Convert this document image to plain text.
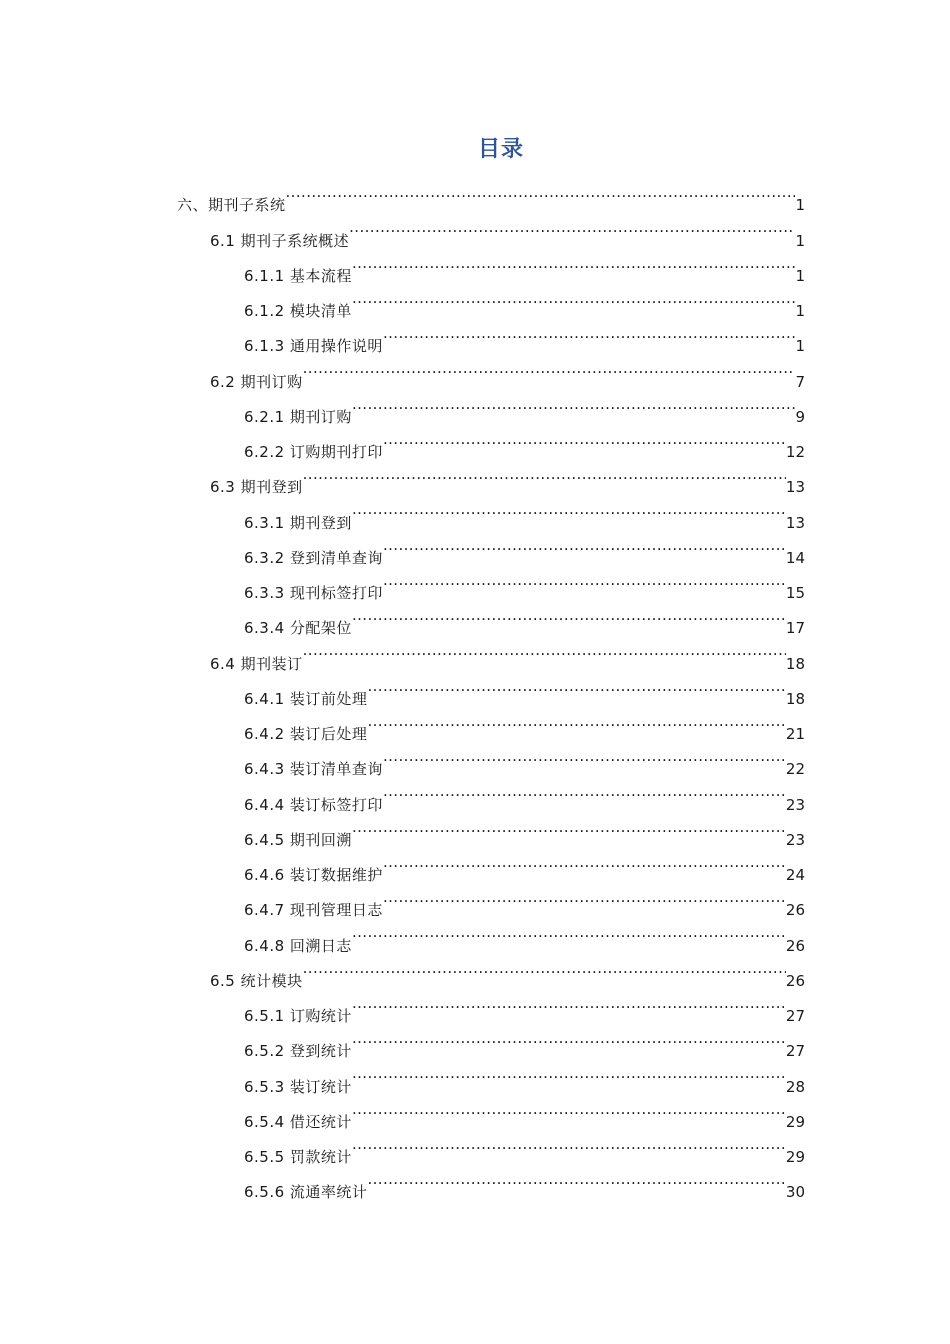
目录
六、期刊子系统 .....	1
6.1 期刊子系统概述 .....	1
6.1.1 基本流程 .....	1
6.1.2 模块清单 .....	1
6.1.3 通用操作说明 .....	1
6.2 期刊订购 .....	7
6.2.1 期刊订购 .....	9
6.2.2 订购期刊打印 .....	12
6.3 期刊登到 .....	13
6.3.1 期刊登到 .....	13
6.3.2 登到清单查询 .....	14
6.3.3 现刊标签打印 .....	15
6.3.4 分配架位 .....	17
6.4 期刊装订 .....	18
6.4.1 装订前处理 .....	18
6.4.2 装订后处理 .....	21
6.4.3 装订清单查询 .....	22
6.4.4 装订标签打印 .....	23
6.4.5 期刊回溯 .....	23
6.4.6 装订数据维护 .....	24
6.4.7 现刊管理日志 .....	26
6.4.8 回溯日志 .....	26
6.5 统计模块 .....	26
6.5.1 订购统计 .....	27
6.5.2 登到统计 .....	27
6.5.3 装订统计 .....	28
6.5.4 借还统计 .....	29
6.5.5 罚款统计 .....	29
6.5.6 流通率统计 .....	30
